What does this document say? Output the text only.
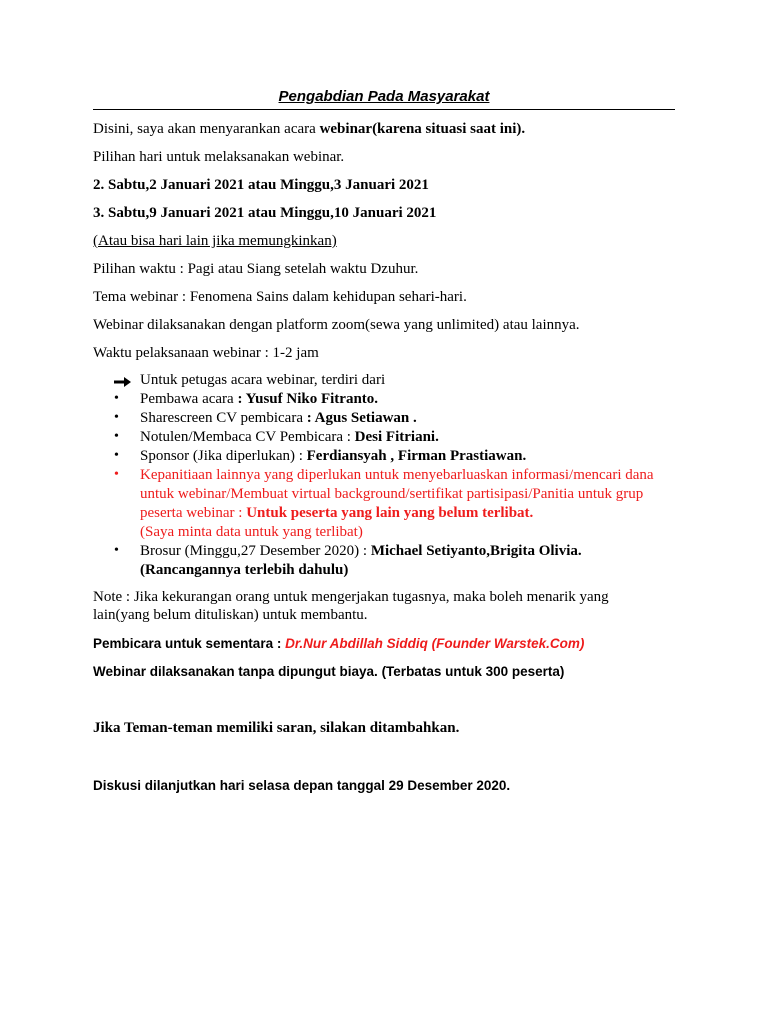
Pengabdian Pada Masyarakat
Disini, saya akan menyarankan acara webinar(karena situasi saat ini).
Pilihan hari untuk melaksanakan webinar.
2. Sabtu,2 Januari 2021 atau Minggu,3 Januari 2021
3. Sabtu,9 Januari 2021 atau Minggu,10 Januari 2021
(Atau bisa hari lain jika memungkinkan)
Pilihan waktu : Pagi atau Siang setelah waktu Dzuhur.
Tema webinar : Fenomena Sains dalam kehidupan sehari-hari.
Webinar dilaksanakan dengan platform zoom(sewa yang unlimited) atau lainnya.
Waktu pelaksanaan webinar : 1-2 jam
Untuk petugas acara webinar, terdiri dari
• Pembawa acara : Yusuf Niko Fitranto.
• Sharescreen CV pembicara : Agus Setiawan .
• Notulen/Membaca CV Pembicara : Desi Fitriani.
• Sponsor (Jika diperlukan) : Ferdiansyah , Firman Prastiawan.
• Kepanitiaan lainnya yang diperlukan untuk menyebarluaskan informasi/mencari dana
untuk webinar/Membuat virtual background/sertifikat partisipasi/Panitia untuk grup
peserta webinar : Untuk peserta yang lain yang belum terlibat.
(Saya minta data untuk yang terlibat)
• Brosur (Minggu,27 Desember 2020) : Michael Setiyanto,Brigita Olivia.
(Rancangannya terlebih dahulu)
Note : Jika kekurangan orang untuk mengerjakan tugasnya, maka boleh menarik yang
lain(yang belum dituliskan) untuk membantu.
Pembicara untuk sementara : Dr.Nur Abdillah Siddiq (Founder Warstek.Com)
Webinar dilaksanakan tanpa dipungut biaya. (Terbatas untuk 300 peserta)
Jika Teman-teman memiliki saran, silakan ditambahkan.
Diskusi dilanjutkan hari selasa depan tanggal 29 Desember 2020.
